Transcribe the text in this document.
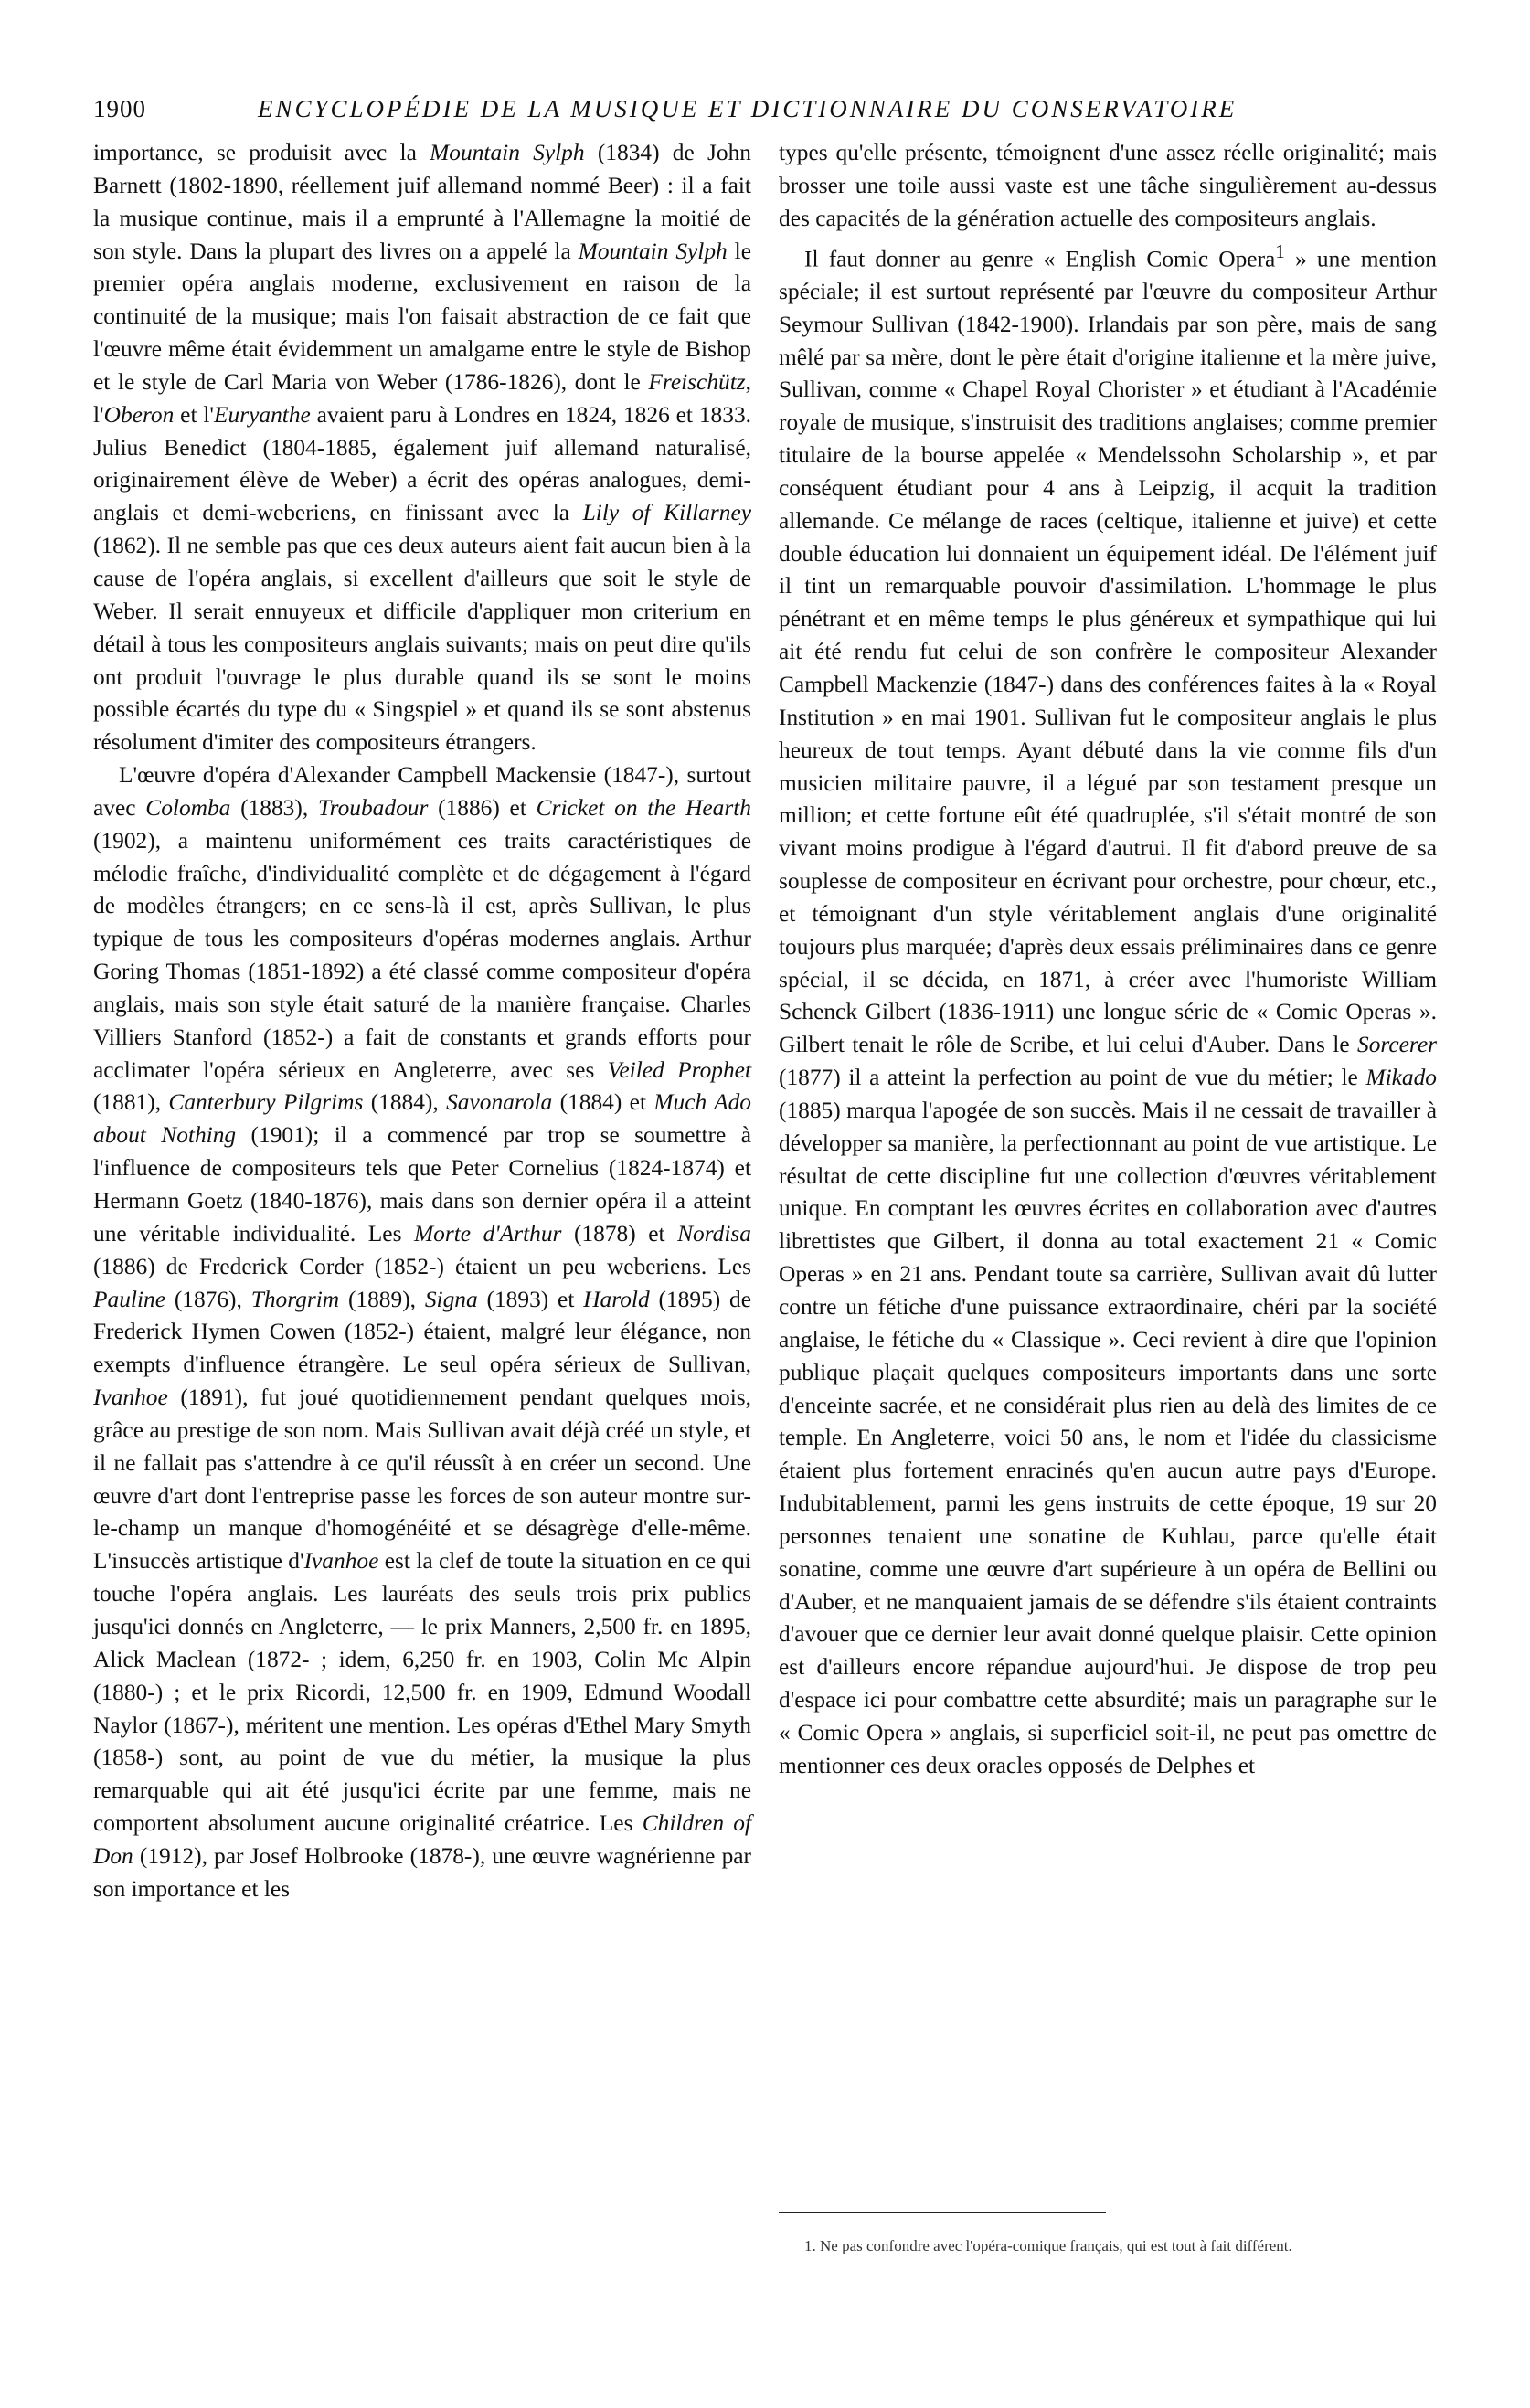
1900	ENCYCLOPÉDIE DE LA MUSIQUE ET DICTIONNAIRE DU CONSERVATOIRE

importance, se produisit avec la Mountain Sylph (1834) de John Barnett (1802-1890, réellement juif allemand nommé Beer) : il a fait la musique continue, mais il a emprunté à l'Allemagne la moitié de son style. Dans la plupart des livres on a appelé la Mountain Sylph le premier opéra anglais moderne, exclusivement en raison de la continuité de la musique; mais l'on faisait abstraction de ce fait que l'œuvre même était évidemment un amalgame entre le style de Bishop et le style de Carl Maria von Weber (1786-1826), dont le Freischütz, l'Oberon et l'Euryanthe avaient paru à Londres en 1824, 1826 et 1833. Julius Benedict (1804-1885, également juif allemand naturalisé, originairement élève de Weber) a écrit des opéras analogues, demi-anglais et demi-weberiens, en finissant avec la Lily of Killarney (1862). Il ne semble pas que ces deux auteurs aient fait aucun bien à la cause de l'opéra anglais, si excellent d'ailleurs que soit le style de Weber. Il serait ennuyeux et difficile d'appliquer mon criterium en détail à tous les compositeurs anglais suivants; mais on peut dire qu'ils ont produit l'ouvrage le plus durable quand ils se sont le moins possible écartés du type du « Singspiel » et quand ils se sont abstenus résolument d'imiter des compositeurs étrangers.

L'œuvre d'opéra d'Alexander Campbell Mackensie (1847-), surtout avec Colomba (1883), Troubadour (1886) et Cricket on the Hearth (1902), a maintenu uniformément ces traits caractéristiques de mélodie fraîche, d'individualité complète et de dégagement à l'égard de modèles étrangers; en ce sens-là il est, après Sullivan, le plus typique de tous les compositeurs d'opéras modernes anglais. Arthur Goring Thomas (1851-1892) a été classé comme compositeur d'opéra anglais, mais son style était saturé de la manière française. Charles Villiers Stanford (1852-) a fait de constants et grands efforts pour acclimater l'opéra sérieux en Angleterre, avec ses Veiled Prophet (1881), Canterbury Pilgrims (1884), Savonarola (1884) et Much Ado about Nothing (1901); il a commencé par trop se soumettre à l'influence de compositeurs tels que Peter Cornelius (1824-1874) et Hermann Goetz (1840-1876), mais dans son dernier opéra il a atteint une véritable individualité. Les Morte d'Arthur (1878) et Nordisa (1886) de Frederick Corder (1852-) étaient un peu weberiens. Les Pauline (1876), Thorgrim (1889), Signa (1893) et Harold (1895) de Frederick Hymen Cowen (1852-) étaient, malgré leur élégance, non exempts d'influence étrangère. Le seul opéra sérieux de Sullivan, Ivanhoe (1891), fut joué quotidiennement pendant quelques mois, grâce au prestige de son nom. Mais Sullivan avait déjà créé un style, et il ne fallait pas s'attendre à ce qu'il réussît à en créer un second. Une œuvre d'art dont l'entreprise passe les forces de son auteur montre sur-le-champ un manque d'homogénéité et se désagrège d'elle-même. L'insuccès artistique d'Ivanhoe est la clef de toute la situation en ce qui touche l'opéra anglais. Les lauréats des seuls trois prix publics jusqu'ici donnés en Angleterre, — le prix Manners, 2,500 fr. en 1895, Alick Maclean (1872- ; idem, 6,250 fr. en 1903, Colin Mc Alpin (1880-) ; et le prix Ricordi, 12,500 fr. en 1909, Edmund Woodall Naylor (1867-), méritent une mention. Les opéras d'Ethel Mary Smyth (1858-) sont, au point de vue du métier, la musique la plus remarquable qui ait été jusqu'ici écrite par une femme, mais ne comportent absolument aucune originalité créatrice. Les Children of Don (1912), par Josef Holbrooke (1878-), une œuvre wagnérienne par son importance et les

types qu'elle présente, témoignent d'une assez réelle originalité; mais brosser une toile aussi vaste est une tâche singulièrement au-dessus des capacités de la génération actuelle des compositeurs anglais.

Il faut donner au genre « English Comic Opera$^1$ » une mention spéciale; il est surtout représenté par l'œuvre du compositeur Arthur Seymour Sullivan (1842-1900). Irlandais par son père, mais de sang mêlé par sa mère, dont le père était d'origine italienne et la mère juive, Sullivan, comme « Chapel Royal Chorister » et étudiant à l'Académie royale de musique, s'instruisit des traditions anglaises; comme premier titulaire de la bourse appelée « Mendelssohn Scholarship », et par conséquent étudiant pour 4 ans à Leipzig, il acquit la tradition allemande. Ce mélange de races (celtique, italienne et juive) et cette double éducation lui donnaient un équipement idéal. De l'élément juif il tint un remarquable pouvoir d'assimilation. L'hommage le plus pénétrant et en même temps le plus généreux et sympathique qui lui ait été rendu fut celui de son confrère le compositeur Alexander Campbell Mackenzie (1847-) dans des conférences faites à la « Royal Institution » en mai 1901. Sullivan fut le compositeur anglais le plus heureux de tout temps. Ayant débuté dans la vie comme fils d'un musicien militaire pauvre, il a légué par son testament presque un million; et cette fortune eût été quadruplée, s'il s'était montré de son vivant moins prodigue à l'égard d'autrui. Il fit d'abord preuve de sa souplesse de compositeur en écrivant pour orchestre, pour chœur, etc., et témoignant d'un style véritablement anglais d'une originalité toujours plus marquée; d'après deux essais préliminaires dans ce genre spécial, il se décida, en 1871, à créer avec l'humoriste William Schenck Gilbert (1836-1911) une longue série de « Comic Operas ». Gilbert tenait le rôle de Scribe, et lui celui d'Auber. Dans le Sorcerer (1877) il a atteint la perfection au point de vue du métier; le Mikado (1885) marqua l'apogée de son succès. Mais il ne cessait de travailler à développer sa manière, la perfectionnant au point de vue artistique. Le résultat de cette discipline fut une collection d'œuvres véritablement unique. En comptant les œuvres écrites en collaboration avec d'autres librettistes que Gilbert, il donna au total exactement 21 « Comic Operas » en 21 ans. Pendant toute sa carrière, Sullivan avait dû lutter contre un fétiche d'une puissance extraordinaire, chéri par la société anglaise, le fétiche du « Classique ». Ceci revient à dire que l'opinion publique plaçait quelques compositeurs importants dans une sorte d'enceinte sacrée, et ne considérait plus rien au delà des limites de ce temple. En Angleterre, voici 50 ans, le nom et l'idée du classicisme étaient plus fortement enracinés qu'en aucun autre pays d'Europe. Indubitablement, parmi les gens instruits de cette époque, 19 sur 20 personnes tenaient une sonatine de Kuhlau, parce qu'elle était sonatine, comme une œuvre d'art supérieure à un opéra de Bellini ou d'Auber, et ne manquaient jamais de se défendre s'ils étaient contraints d'avouer que ce dernier leur avait donné quelque plaisir. Cette opinion est d'ailleurs encore répandue aujourd'hui. Je dispose de trop peu d'espace ici pour combattre cette absurdité; mais un paragraphe sur le « Comic Opera » anglais, si superficiel soit-il, ne peut pas omettre de mentionner ces deux oracles opposés de Delphes et

1. Ne pas confondre avec l'opéra-comique français, qui est tout à fait différent.
